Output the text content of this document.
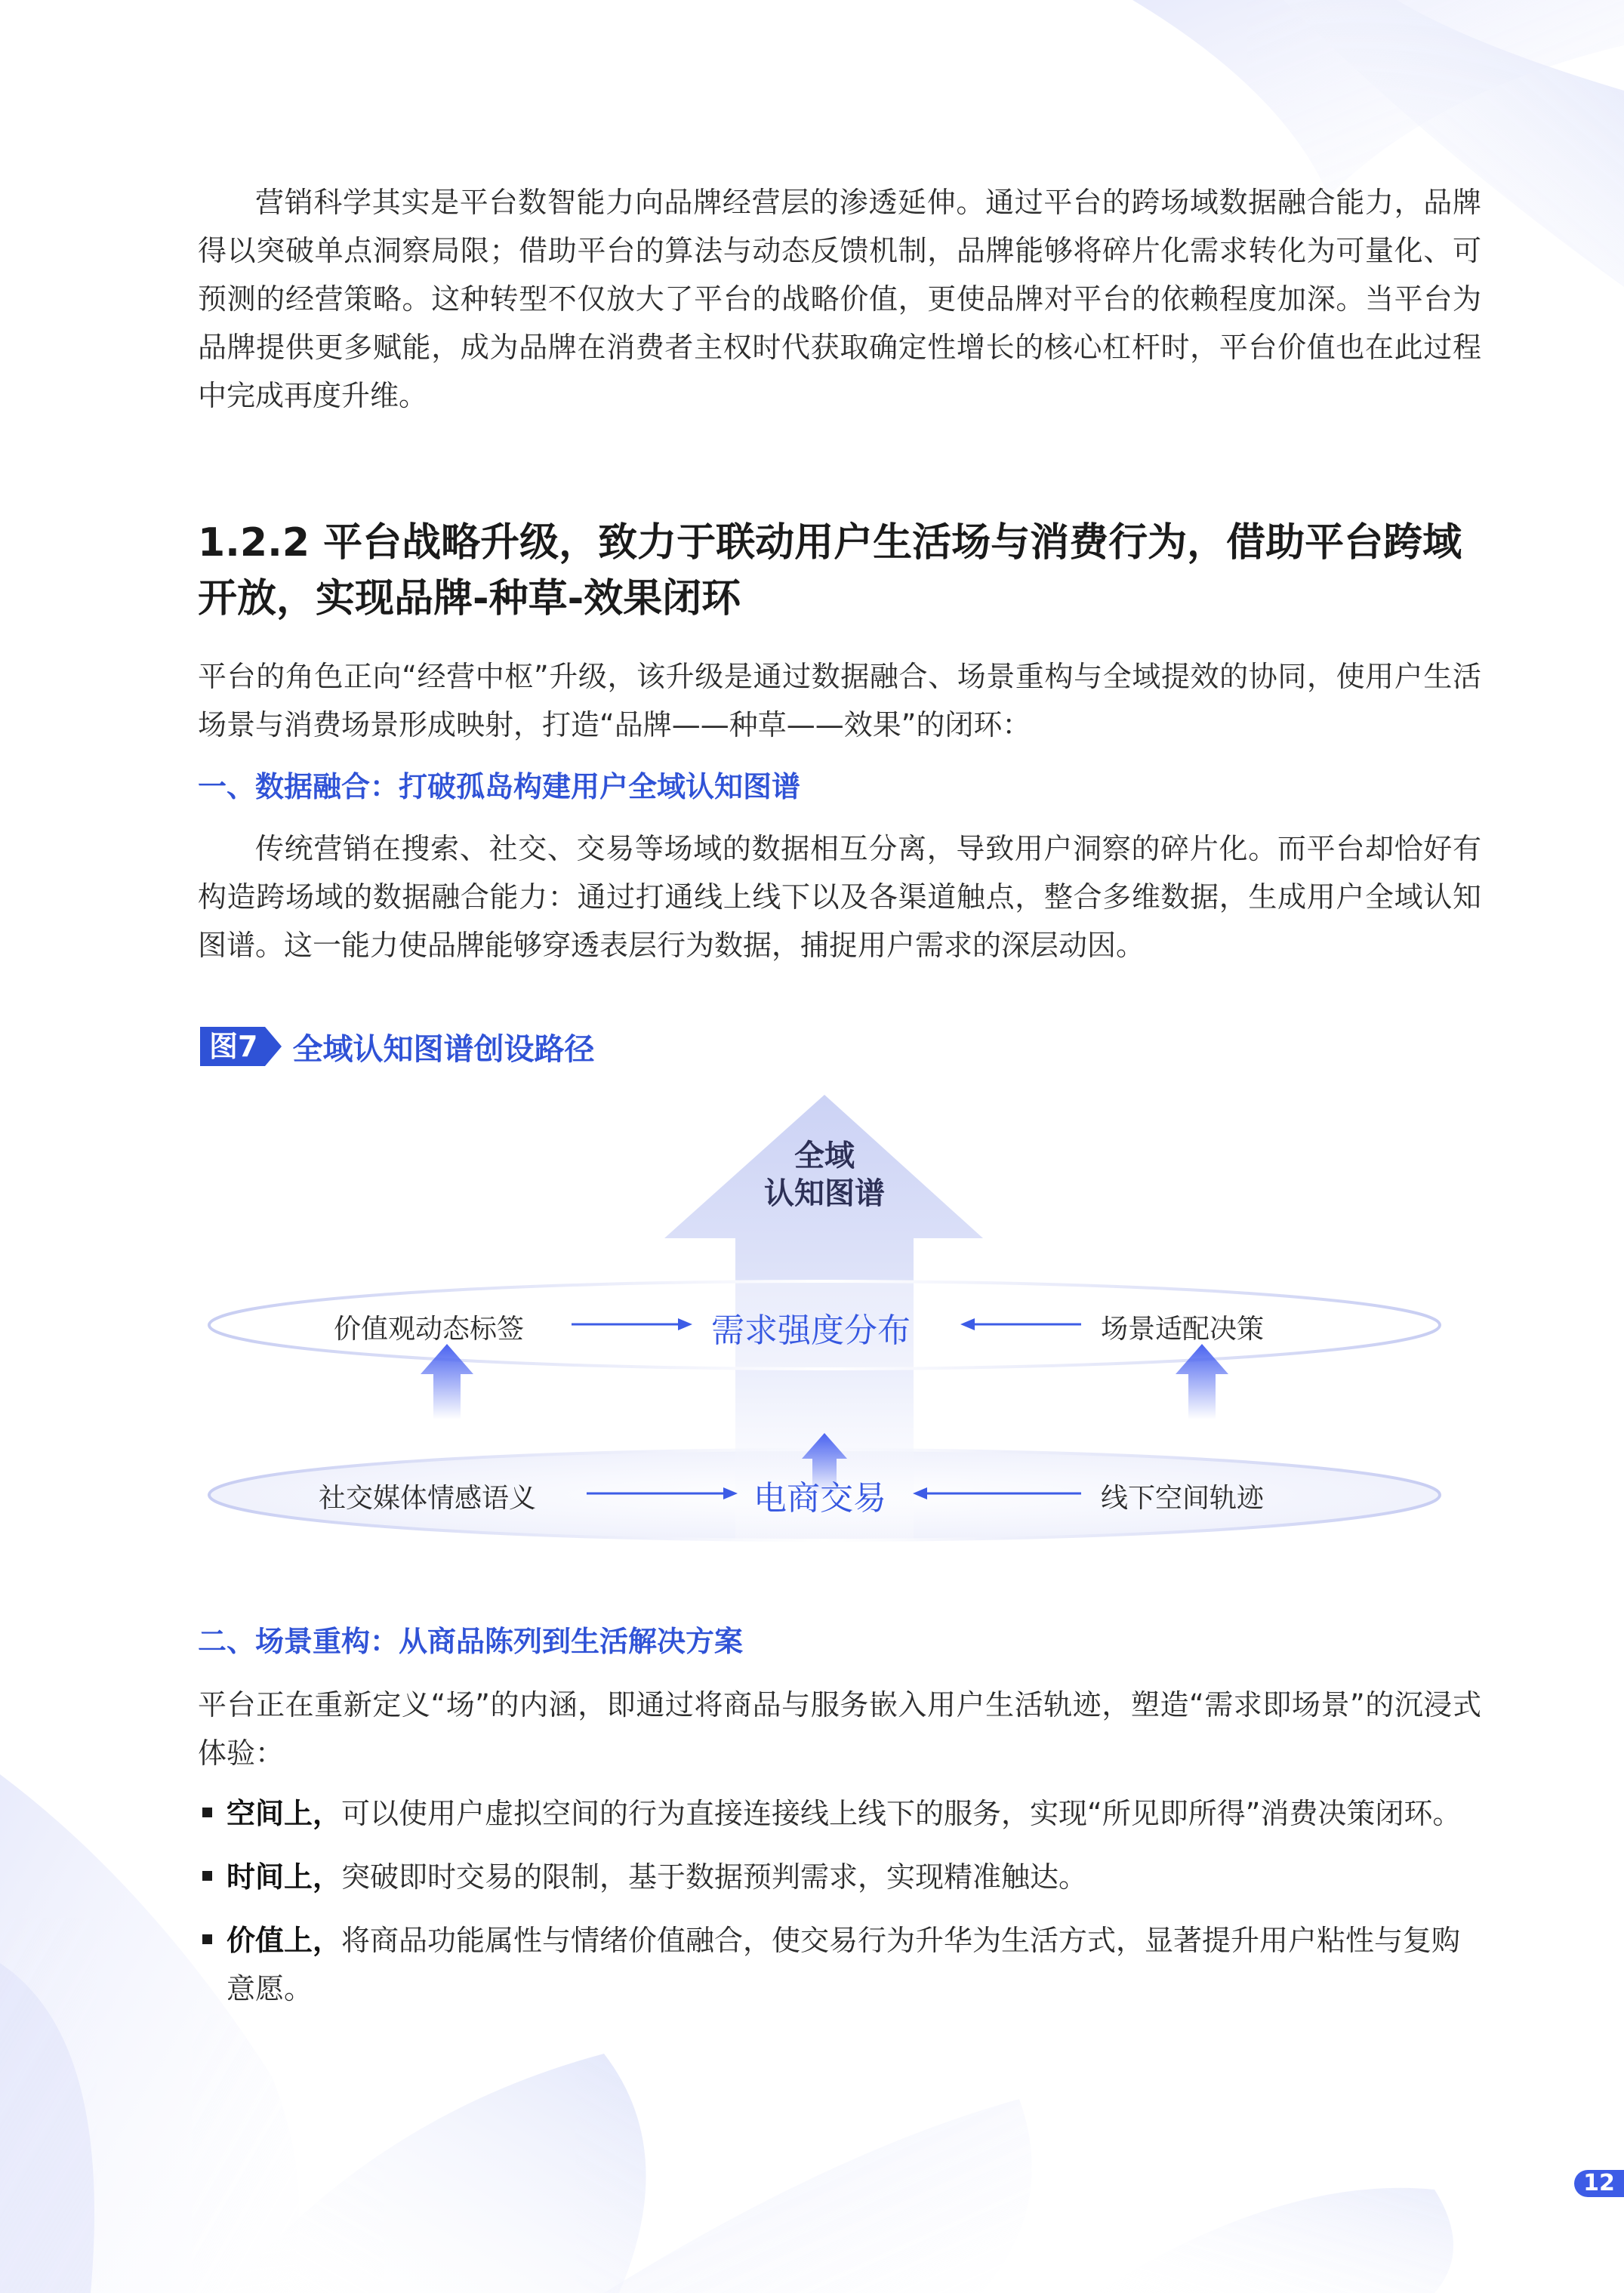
营销科学其实是平台数智能力向品牌经营层的渗透延伸。通过平台的跨场域数据融合能力，品牌得以突破单点洞察局限；借助平台的算法与动态反馈机制，品牌能够将碎片化需求转化为可量化、可预测的经营策略。这种转型不仅放大了平台的战略价值，更使品牌对平台的依赖程度加深。当平台为品牌提供更多赋能，成为品牌在消费者主权时代获取确定性增长的核心杠杆时，平台价值也在此过程中完成再度升维。

1.2.2 平台战略升级，致力于联动用户生活场与消费行为，借助平台跨域开放，实现品牌-种草-效果闭环

平台的角色正向“经营中枢”升级，该升级是通过数据融合、场景重构与全域提效的协同，使用户生活场景与消费场景形成映射，打造“品牌——种草——效果”的闭环：

一、数据融合：打破孤岛构建用户全域认知图谱

传统营销在搜索、社交、交易等场域的数据相互分离，导致用户洞察的碎片化。而平台却恰好有构造跨场域的数据融合能力：通过打通线上线下以及各渠道触点，整合多维数据，生成用户全域认知图谱。这一能力使品牌能够穿透表层行为数据，捕捉用户需求的深层动因。

图7 全域认知图谱创设路径
全域
认知图谱
价值观动态标签	需求强度分布	场景适配决策
社交媒体情感语义	电商交易	线下空间轨迹
二、场景重构：从商品陈列到生活解决方案

平台正在重新定义“场”的内涵，即通过将商品与服务嵌入用户生活轨迹，塑造“需求即场景”的沉浸式体验：

空间上，可以使用户虚拟空间的行为直接连接线上线下的服务，实现“所见即所得”消费决策闭环。

时间上，突破即时交易的限制，基于数据预判需求，实现精准触达。

价值上，将商品功能属性与情绪价值融合，使交易行为升华为生活方式，显著提升用户粘性与复购意愿。

12
